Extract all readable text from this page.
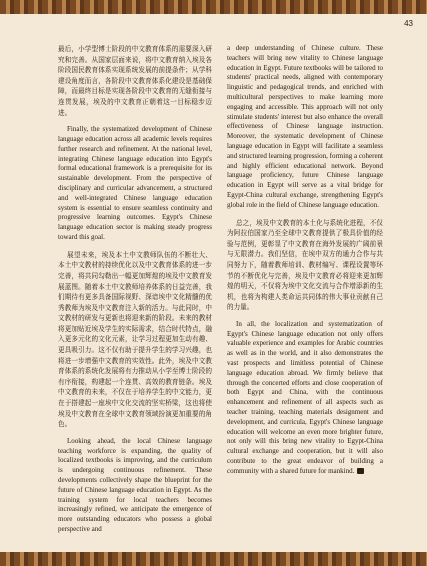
43

最后，小学型博士阶段的中文教育体系的需要深入研究和完善。从国家层面来说，将中文教育纳入埃及各阶段国民教育体系实现系统发展的前提条件；从学科建设角度而言，各阶段中文教育体系化建设是基础保障，而最终目标是实现各阶段中文教育的无缝衔接与连贯发展，埃及的中文教育正朝着这一目标稳步迈进。

Finally, the systematized development of Chinese language education across all academic levels requires further research and refinement. At the national level, integrating Chinese language education into Egypt's formal educational framework is a prerequisite for its sustainable development. From the perspective of disciplinary and curricular advancement, a structured and well-integrated Chinese language education system is essential to ensure seamless continuity and progressive learning outcomes. Egypt's Chinese language education sector is making steady progress toward this goal.

展望未来，埃及本土中文教师队伍的不断壮大、本土中文教材的持续优化以及中文教育体系的进一步完善，将共同勾勒出一幅更加辉煌的埃及中文教育发展蓝图。随着本土中文教师培养体系的日益完善，我们期待有更多具备国际视野、深谙埃中文化精髓的优秀教师为埃及中文教育注入新的活力。与此同时，中文教材的研发与更新也将迎来新的阶段。未来的教材将更加贴近埃及学生的实际需求，结合时代特点，融入更多元化的文化元素，让学习过程更加生动有趣、更具吸引力。这不仅有助于提升学生的学习兴趣，也将进一步增强中文教育的实效性。此外，埃及中文教育体系的系统化发展将有力推动从小学至博士阶段的有序衔接，构建起一个连贯、高效的教育链条。埃及中文教育的未来，不仅在于培养学生的中文能力，更在于搭建起一座埃中文化交流的坚实桥梁，这也将使埃及中文教育在全球中文教育领域扮演更加重要的角色。

Looking ahead, the local Chinese language teaching workforce is expanding, the quality of localized textbooks is improving, and the curriculum is undergoing continuous refinement. These developments collectively shape the blueprint for the future of Chinese language education in Egypt. As the training system for local teachers becomes increasingly refined, we anticipate the emergence of more outstanding educators who possess a global perspective and

a deep understanding of Chinese culture. These teachers will bring new vitality to Chinese language education in Egypt. Future textbooks will be tailored to students' practical needs, aligned with contemporary linguistic and pedagogical trends, and enriched with multicultural perspectives to make learning more engaging and accessible. This approach will not only stimulate students' interest but also enhance the overall effectiveness of Chinese language instruction. Moreover, the systematic development of Chinese language education in Egypt will facilitate a seamless and structured learning progression, forming a coherent and highly efficient educational network. Beyond language proficiency, future Chinese language education in Egypt will serve as a vital bridge for Egypt-China cultural exchange, strengthening Egypt's global role in the field of Chinese language education.

总之，埃及中文教育的本土化与系统化进程，不仅为阿拉伯国家乃至全球中文教育提供了极具价值的经验与范例，更彰显了中文教育在海外发展的广阔前景与无限潜力。我们坚信，在埃中双方的通力合作与共同努力下，随着教师培训、教材编写、课程设置等环节的不断优化与完善，埃及中文教育必将迎来更加辉煌的明天，不仅将为埃中文化交流与合作增添新的生机，也将为构建人类命运共同体的伟大事业贡献自己的力量。

In all, the localization and systematization of Egypt's Chinese language education not only offers valuable experience and examples for Arabic countries as well as in the world, and it also demonstrates the vast prospects and limitless potential of Chinese language education abroad. We firmly believe that through the concerted efforts and close cooperation of both Egypt and China, with the continuous enhancement and refinement of all aspects such as teacher training, teaching materials designment and development, and curricula, Egypt's Chinese language education will welcome an even more brighter future, not only will this bring new vitality to Egypt-China cultural exchange and cooperation, but it will also contribute to the great endeavor of building a community with a shared future for mankind.
